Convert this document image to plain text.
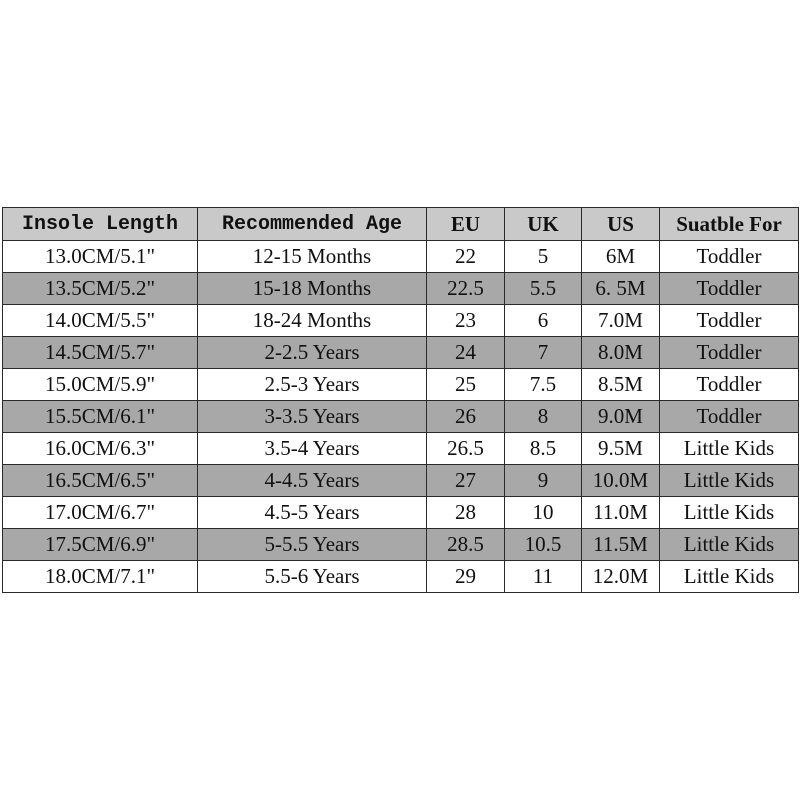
Insole Length	Recommended Age	EU	UK	US	Suatble For
13.0CM/5.1"	12-15 Months	22	5	6M	Toddler
13.5CM/5.2"	15-18 Months	22.5	5.5	6. 5M	Toddler
14.0CM/5.5"	18-24 Months	23	6	7.0M	Toddler
14.5CM/5.7"	2-2.5 Years	24	7	8.0M	Toddler
15.0CM/5.9"	2.5-3 Years	25	7.5	8.5M	Toddler
15.5CM/6.1"	3-3.5 Years	26	8	9.0M	Toddler
16.0CM/6.3"	3.5-4 Years	26.5	8.5	9.5M	Little Kids
16.5CM/6.5"	4-4.5 Years	27	9	10.0M	Little Kids
17.0CM/6.7"	4.5-5 Years	28	10	11.0M	Little Kids
17.5CM/6.9"	5-5.5 Years	28.5	10.5	11.5M	Little Kids
18.0CM/7.1"	5.5-6 Years	29	11	12.0M	Little Kids
